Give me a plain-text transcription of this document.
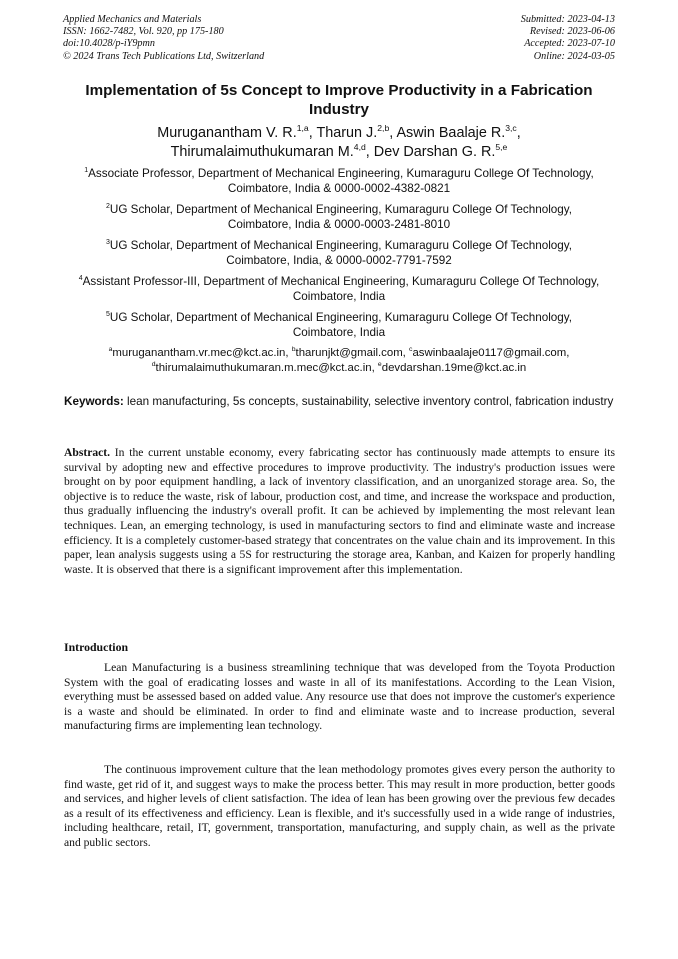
Applied Mechanics and Materials
ISSN: 1662-7482, Vol. 920, pp 175-180
doi:10.4028/p-iY9pmn
© 2024 Trans Tech Publications Ltd, Switzerland
Submitted: 2023-04-13
Revised: 2023-06-06
Accepted: 2023-07-10
Online: 2024-03-05
Implementation of 5s Concept to Improve Productivity in a Fabrication Industry
Muruganantham V. R.$^{1,a}$, Tharun J.$^{2,b}$, Aswin Baalaje R.$^{3,c}$,
Thirumalaimuthukumaran M.$^{4,d}$, Dev Darshan G. R.$^{5,e}$
$^1$Associate Professor, Department of Mechanical Engineering, Kumaraguru College Of Technology, Coimbatore, India & 0000-0002-4382-0821
$^2$UG Scholar, Department of Mechanical Engineering, Kumaraguru College Of Technology, Coimbatore, India & 0000-0003-2481-8010
$^3$UG Scholar, Department of Mechanical Engineering, Kumaraguru College Of Technology, Coimbatore, India, & 0000-0002-7791-7592
$^4$Assistant Professor-III, Department of Mechanical Engineering, Kumaraguru College Of Technology, Coimbatore, India
$^5$UG Scholar, Department of Mechanical Engineering, Kumaraguru College Of Technology, Coimbatore, India
$^a$muruganantham.vr.mec@kct.ac.in, $^b$tharunjkt@gmail.com, $^c$aswinbaalaje0117@gmail.com,
$^d$thirumalaimuthukumaran.m.mec@kct.ac.in, $^e$devdarshan.19me@kct.ac.in
Keywords: lean manufacturing, 5s concepts, sustainability, selective inventory control, fabrication industry
Abstract. In the current unstable economy, every fabricating sector has continuously made attempts to ensure its survival by adopting new and effective procedures to improve productivity. The industry's production issues were brought on by poor equipment handling, a lack of inventory classification, and an unorganized storage area. So, the objective is to reduce the waste, risk of labour, production cost, and time, and increase the workspace and production, thus gradually influencing the industry's overall profit. It can be achieved by implementing the most relevant lean techniques. Lean, an emerging technology, is used in manufacturing sectors to find and eliminate waste and increase efficiency. It is a completely customer-based strategy that concentrates on the value chain and its improvement. In this paper, lean analysis suggests using a 5S for restructuring the storage area, Kanban, and Kaizen for properly handling waste. It is observed that there is a significant improvement after this implementation.
Introduction
Lean Manufacturing is a business streamlining technique that was developed from the Toyota Production System with the goal of eradicating losses and waste in all of its manifestations. According to the Lean Vision, everything must be assessed based on added value. Any resource use that does not improve the customer's experience is a waste and should be eliminated. In order to find and eliminate waste and to increase production, several manufacturing firms are implementing lean technology.
The continuous improvement culture that the lean methodology promotes gives every person the authority to find waste, get rid of it, and suggest ways to make the process better. This may result in more production, better goods and services, and higher levels of client satisfaction. The idea of lean has been growing over the previous few decades as a result of its effectiveness and efficiency. Lean is flexible, and it's successfully used in a wide range of industries, including healthcare, retail, IT, government, transportation, manufacturing, and supply chain, as well as the private and public sectors.
